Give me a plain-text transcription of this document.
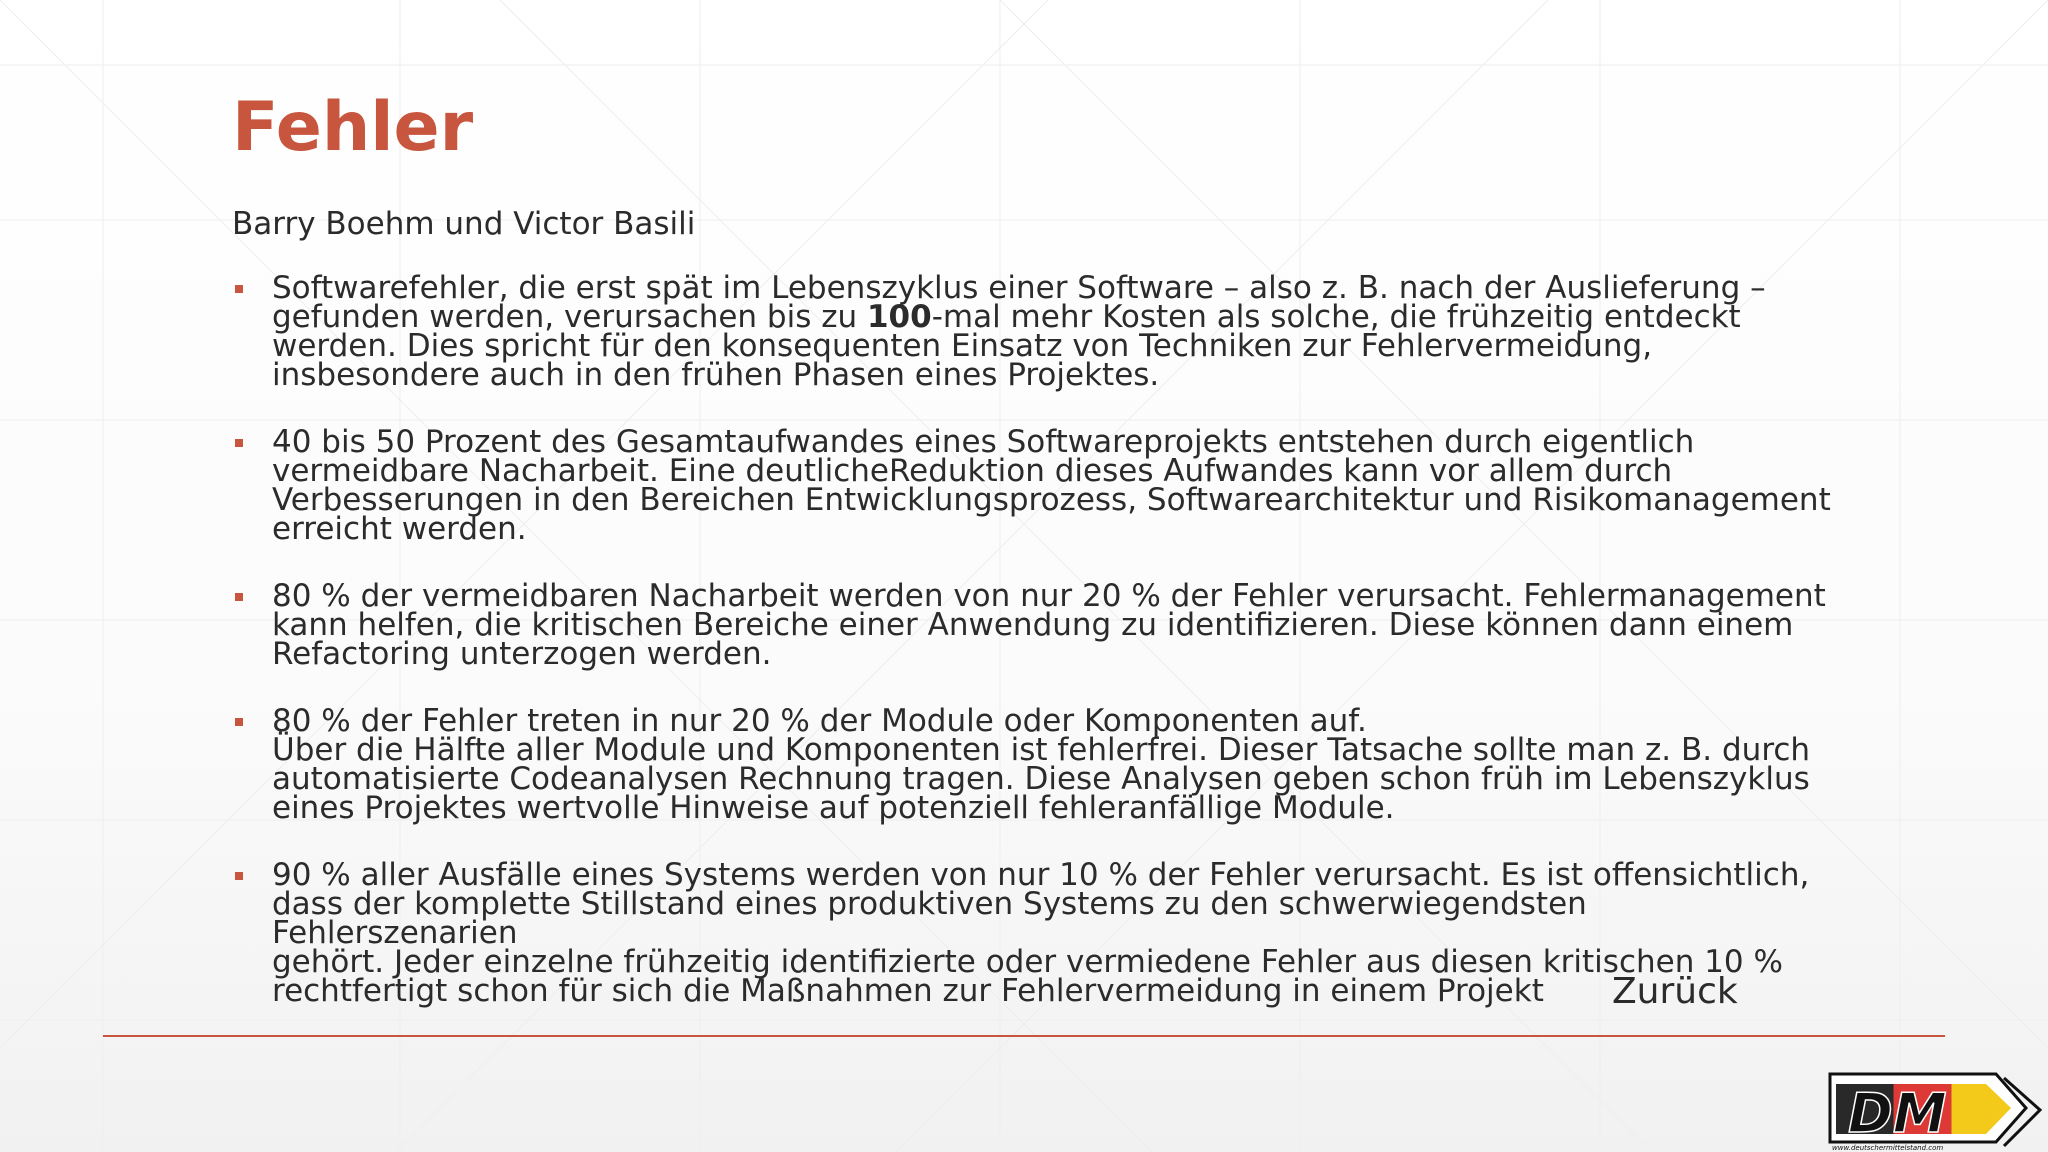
Fehler
Barry Boehm und Victor Basili
Softwarefehler, die erst spät im Lebenszyklus einer Software – also z. B. nach der Auslieferung –
gefunden werden, verursachen bis zu 100-mal mehr Kosten als solche, die frühzeitig entdeckt
werden. Dies spricht für den konsequenten Einsatz von Techniken zur Fehlervermeidung,
insbesondere auch in den frühen Phasen eines Projektes.
40 bis 50 Prozent des Gesamtaufwandes eines Softwareprojekts entstehen durch eigentlich
vermeidbare Nacharbeit. Eine deutlicheReduktion dieses Aufwandes kann vor allem durch
Verbesserungen in den Bereichen Entwicklungsprozess, Softwarearchitektur und Risikomanagement
erreicht werden.
80 % der vermeidbaren Nacharbeit werden von nur 20 % der Fehler verursacht. Fehlermanagement
kann helfen, die kritischen Bereiche einer Anwendung zu identifizieren. Diese können dann einem
Refactoring unterzogen werden.
80 % der Fehler treten in nur 20 % der Module oder Komponenten auf.
Über die Hälfte aller Module und Komponenten ist fehlerfrei. Dieser Tatsache sollte man z. B. durch
automatisierte Codeanalysen Rechnung tragen. Diese Analysen geben schon früh im Lebenszyklus
eines Projektes wertvolle Hinweise auf potenziell fehleranfällige Module.
90 % aller Ausfälle eines Systems werden von nur 10 % der Fehler verursacht. Es ist offensichtlich,
dass der komplette Stillstand eines produktiven Systems zu den schwerwiegendsten Fehlerszenarien
gehört. Jeder einzelne frühzeitig identifizierte oder vermiedene Fehler aus diesen kritischen 10 %
rechtfertigt schon für sich die Maßnahmen zur Fehlervermeidung in einem Projekt	Zurück
DM
www.deutschermittelstand.com
